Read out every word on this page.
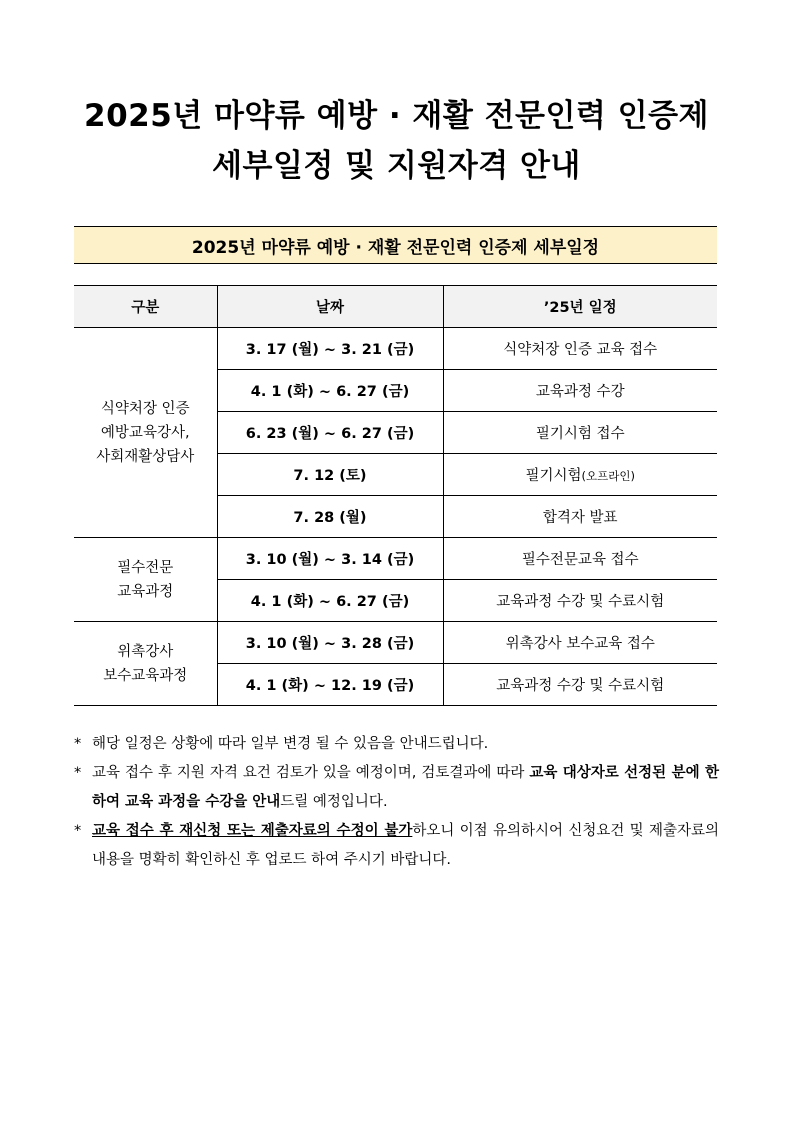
2025년 마약류 예방 · 재활 전문인력 인증제
세부일정 및 지원자격 안내
2025년 마약류 예방 · 재활 전문인력 인증제 세부일정
구분	날짜	’25년 일정

식약처장 인증
예방교육강사,
사회재활상담사	3. 17 (월) ~ 3. 21 (금)	식약처장 인증 교육 접수
	4. 1 (화) ~ 6. 27 (금)	교육과정 수강
	6. 23 (월) ~ 6. 27 (금)	필기시험 접수
	7. 12 (토)	필기시험(오프라인)
	7. 28 (월)	합격자 발표

필수전문
교육과정	3. 10 (월) ~ 3. 14 (금)	필수전문교육 접수
	4. 1 (화) ~ 6. 27 (금)	교육과정 수강 및 수료시험

위촉강사
보수교육과정	3. 10 (월) ~ 3. 28 (금)	위촉강사 보수교육 접수
	4. 1 (화) ~ 12. 19 (금)	교육과정 수강 및 수료시험
* 해당 일정은 상황에 따라 일부 변경 될 수 있음을 안내드립니다.
* 교육 접수 후 지원 자격 요건 검토가 있을 예정이며, 검토결과에 따라 교육 대상자로 선정된 분에 한하여 교육 과정을 수강을 안내드릴 예정입니다.
* 교육 접수 후 재신청 또는 제출자료의 수정이 불가하오니 이점 유의하시어 신청요건 및 제출자료의 내용을 명확히 확인하신 후 업로드 하여 주시기 바랍니다.
